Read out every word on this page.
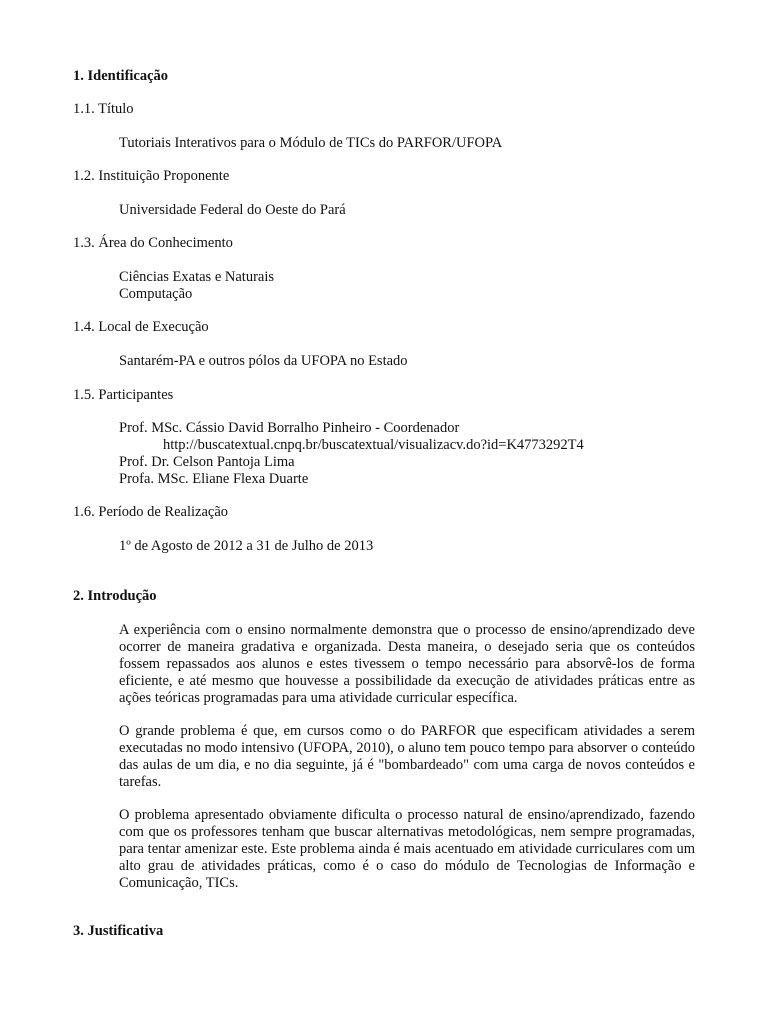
1. Identificação
1.1. Título
Tutoriais Interativos para o Módulo de TICs do PARFOR/UFOPA
1.2. Instituição Proponente
Universidade Federal do Oeste do Pará
1.3. Área do Conhecimento
Ciências Exatas e Naturais
Computação
1.4. Local de Execução
Santarém-PA e outros pólos da UFOPA no Estado
1.5. Participantes
Prof. MSc. Cássio David Borralho Pinheiro - Coordenador
http://buscatextual.cnpq.br/buscatextual/visualizacv.do?id=K4773292T4
Prof. Dr. Celson Pantoja Lima
Profa. MSc. Eliane Flexa Duarte
1.6. Período de Realização
1º de Agosto de 2012 a 31 de Julho de 2013
2. Introdução
A experiência com o ensino normalmente demonstra que o processo de ensino/aprendizado deve ocorrer de maneira gradativa e organizada. Desta maneira, o desejado seria que os conteúdos fossem repassados aos alunos e estes tivessem o tempo necessário para absorvê-los de forma eficiente, e até mesmo que houvesse a possibilidade da execução de atividades práticas entre as ações teóricas programadas para uma atividade curricular específica.
O grande problema é que, em cursos como o do PARFOR que especificam atividades a serem executadas no modo intensivo (UFOPA, 2010), o aluno tem pouco tempo para absorver o conteúdo das aulas de um dia, e no dia seguinte, já é "bombardeado" com uma carga de novos conteúdos e tarefas.
O problema apresentado obviamente dificulta o processo natural de ensino/aprendizado, fazendo com que os professores tenham que buscar alternativas metodológicas, nem sempre programadas, para tentar amenizar este. Este problema ainda é mais acentuado em atividade curriculares com um alto grau de atividades práticas, como é o caso do módulo de Tecnologias de Informação e Comunicação, TICs.
3. Justificativa
